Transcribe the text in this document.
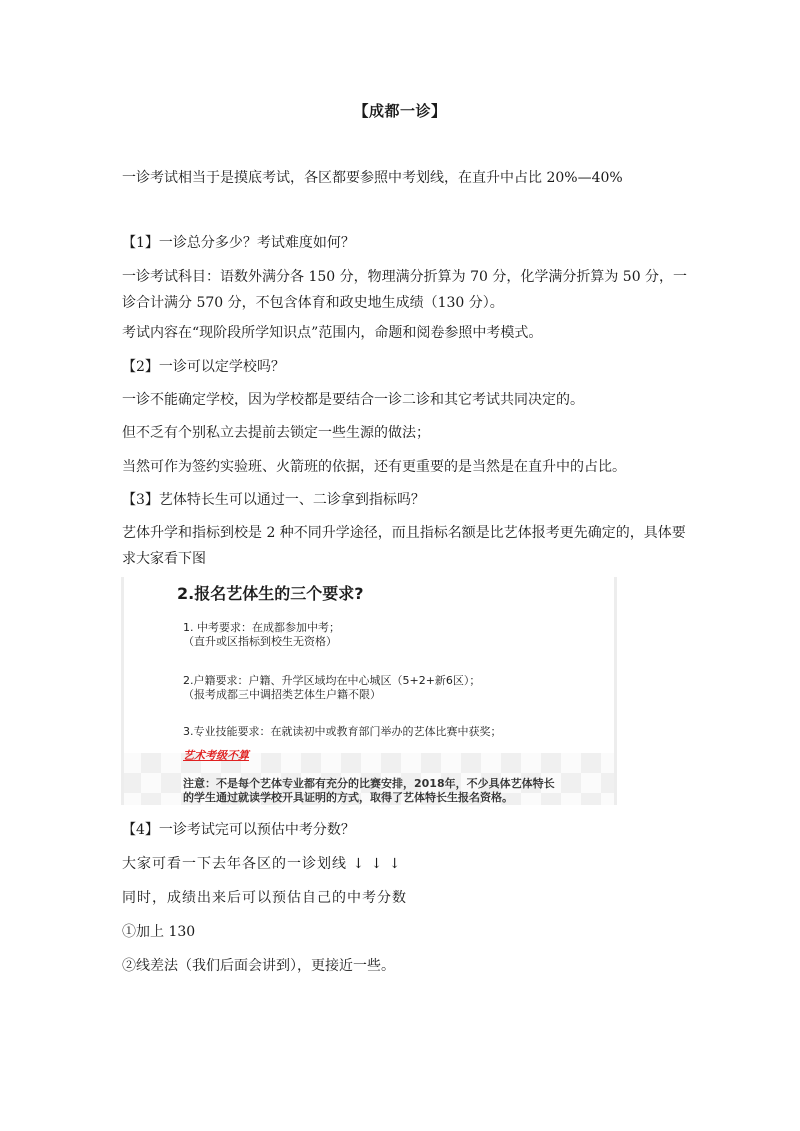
【成都一诊】
一诊考试相当于是摸底考试，各区都要参照中考划线，在直升中占比 20%—40%
【1】一诊总分多少？考试难度如何？
一诊考试科目：语数外满分各 150 分，物理满分折算为 70 分，化学满分折算为 50 分，一诊合计满分 570 分，不包含体育和政史地生成绩（130 分）。
考试内容在“现阶段所学知识点”范围内，命题和阅卷参照中考模式。
【2】一诊可以定学校吗？
一诊不能确定学校，因为学校都是要结合一诊二诊和其它考试共同决定的。
但不乏有个别私立去提前去锁定一些生源的做法；
当然可作为签约实验班、火箭班的依据，还有更重要的是当然是在直升中的占比。
【3】艺体特长生可以通过一、二诊拿到指标吗？
艺体升学和指标到校是 2 种不同升学途径，而且指标名额是比艺体报考更先确定的，具体要求大家看下图
2.报名艺体生的三个要求?
1. 中考要求：在成都参加中考；
（直升或区指标到校生无资格）
2.户籍要求：户籍、升学区域均在中心城区（5+2+新6区）；
（报考成都三中调招类艺体生户籍不限）
3.专业技能要求：在就读初中或教育部门举办的艺体比赛中获奖；
艺术考级不算
注意：不是每个艺体专业都有充分的比赛安排，2018年，不少具体艺体特长
的学生通过就读学校开具证明的方式，取得了艺体特长生报名资格。
【4】一诊考试完可以预估中考分数？
大家可看一下去年各区的一诊划线 ↓ ↓ ↓
同时，成绩出来后可以预估自己的中考分数
①加上 130
②线差法（我们后面会讲到），更接近一些。
